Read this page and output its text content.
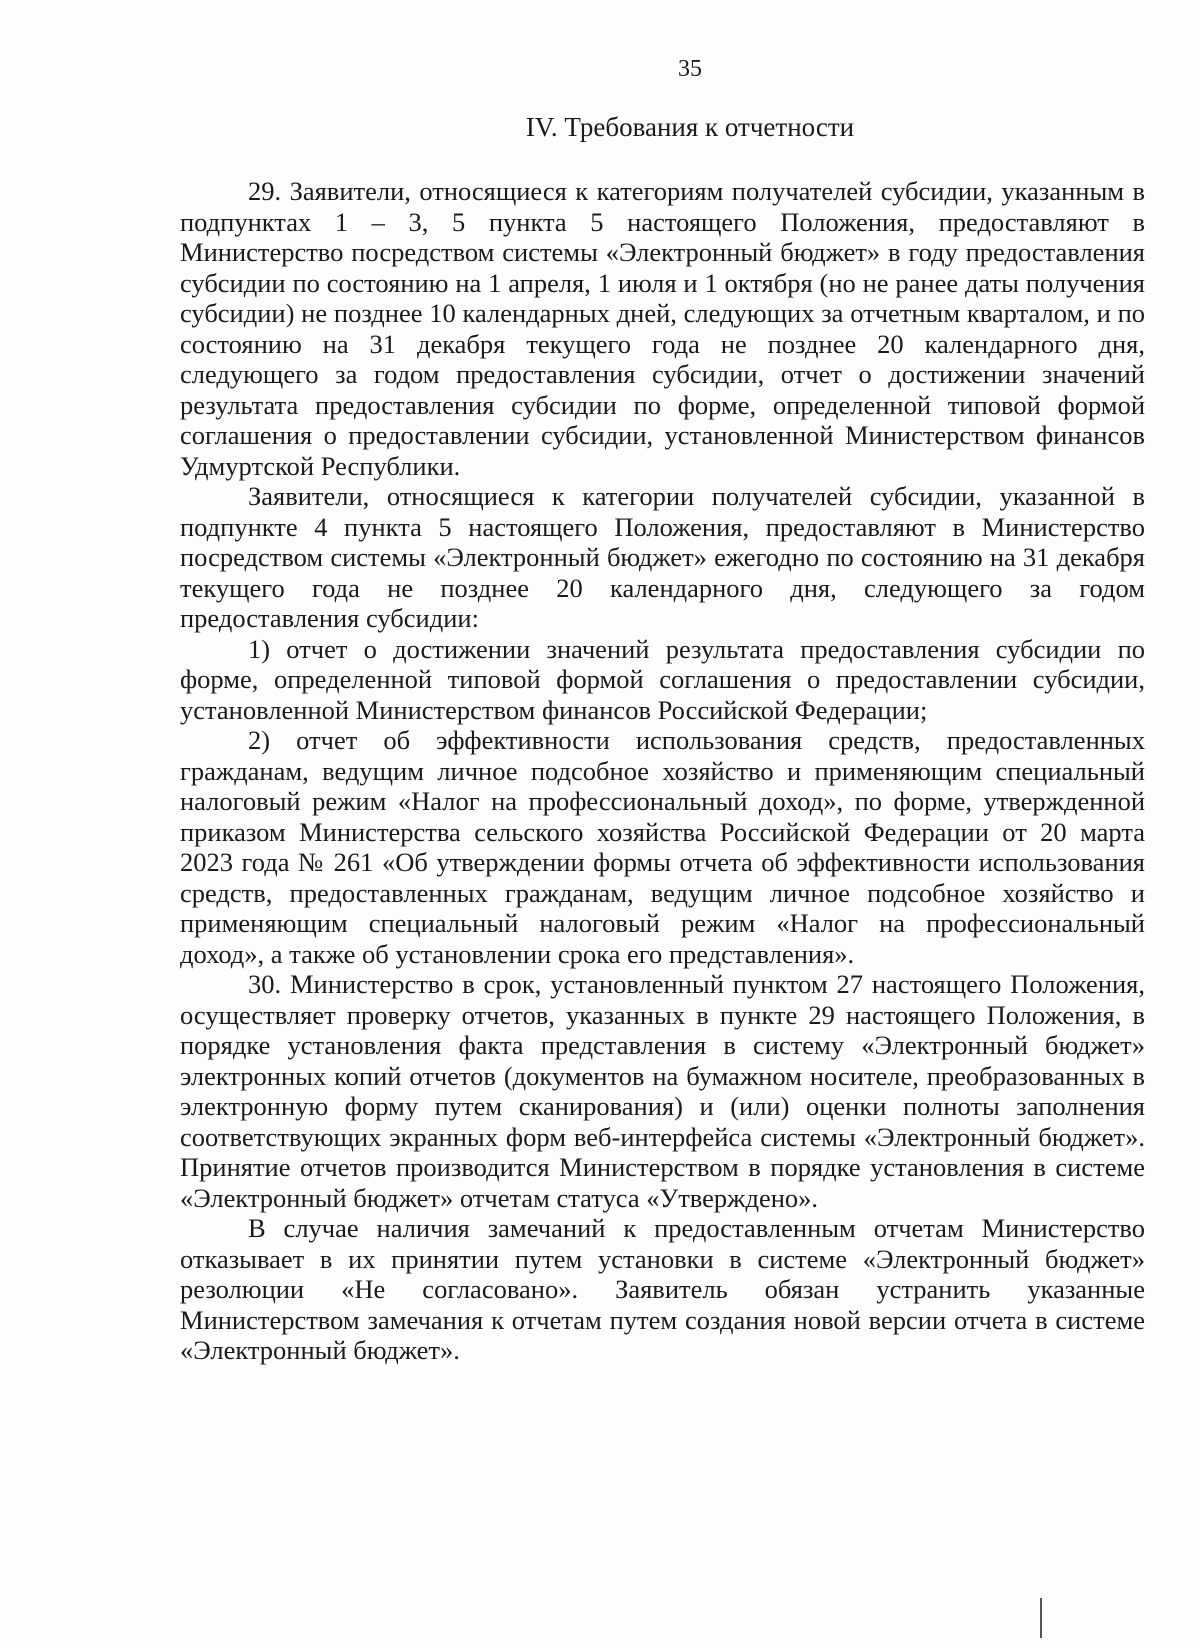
35
IV. Требования к отчетности

29. Заявители, относящиеся к категориям получателей субсидии, указанным в подпунктах 1 – 3, 5 пункта 5 настоящего Положения, предоставляют в Министерство посредством системы «Электронный бюджет» в году предоставления субсидии по состоянию на 1 апреля, 1 июля и 1 октября (но не ранее даты получения субсидии) не позднее 10 календарных дней, следующих за отчетным кварталом, и по состоянию на 31 декабря текущего года не позднее 20 календарного дня, следующего за годом предоставления субсидии, отчет о достижении значений результата предоставления субсидии по форме, определенной типовой формой соглашения о предоставлении субсидии, установленной Министерством финансов Удмуртской Республики.

Заявители, относящиеся к категории получателей субсидии, указанной в подпункте 4 пункта 5 настоящего Положения, предоставляют в Министерство посредством системы «Электронный бюджет» ежегодно по состоянию на 31 декабря текущего года не позднее 20 календарного дня, следующего за годом предоставления субсидии:

1) отчет о достижении значений результата предоставления субсидии по форме, определенной типовой формой соглашения о предоставлении субсидии, установленной Министерством финансов Российской Федерации;

2) отчет об эффективности использования средств, предоставленных гражданам, ведущим личное подсобное хозяйство и применяющим специальный налоговый режим «Налог на профессиональный доход», по форме, утвержденной приказом Министерства сельского хозяйства Российской Федерации от 20 марта 2023 года № 261 «Об утверждении формы отчета об эффективности использования средств, предоставленных гражданам, ведущим личное подсобное хозяйство и применяющим специальный налоговый режим «Налог на профессиональный доход», а также об установлении срока его представления».

30. Министерство в срок, установленный пунктом 27 настоящего Положения, осуществляет проверку отчетов, указанных в пункте 29 настоящего Положения, в порядке установления факта представления в систему «Электронный бюджет» электронных копий отчетов (документов на бумажном носителе, преобразованных в электронную форму путем сканирования) и (или) оценки полноты заполнения соответствующих экранных форм веб-интерфейса системы «Электронный бюджет». Принятие отчетов производится Министерством в порядке установления в системе «Электронный бюджет» отчетам статуса «Утверждено».

В случае наличия замечаний к предоставленным отчетам Министерство отказывает в их принятии путем установки в системе «Электронный бюджет» резолюции «Не согласовано». Заявитель обязан устранить указанные Министерством замечания к отчетам путем создания новой версии отчета в системе «Электронный бюджет».
